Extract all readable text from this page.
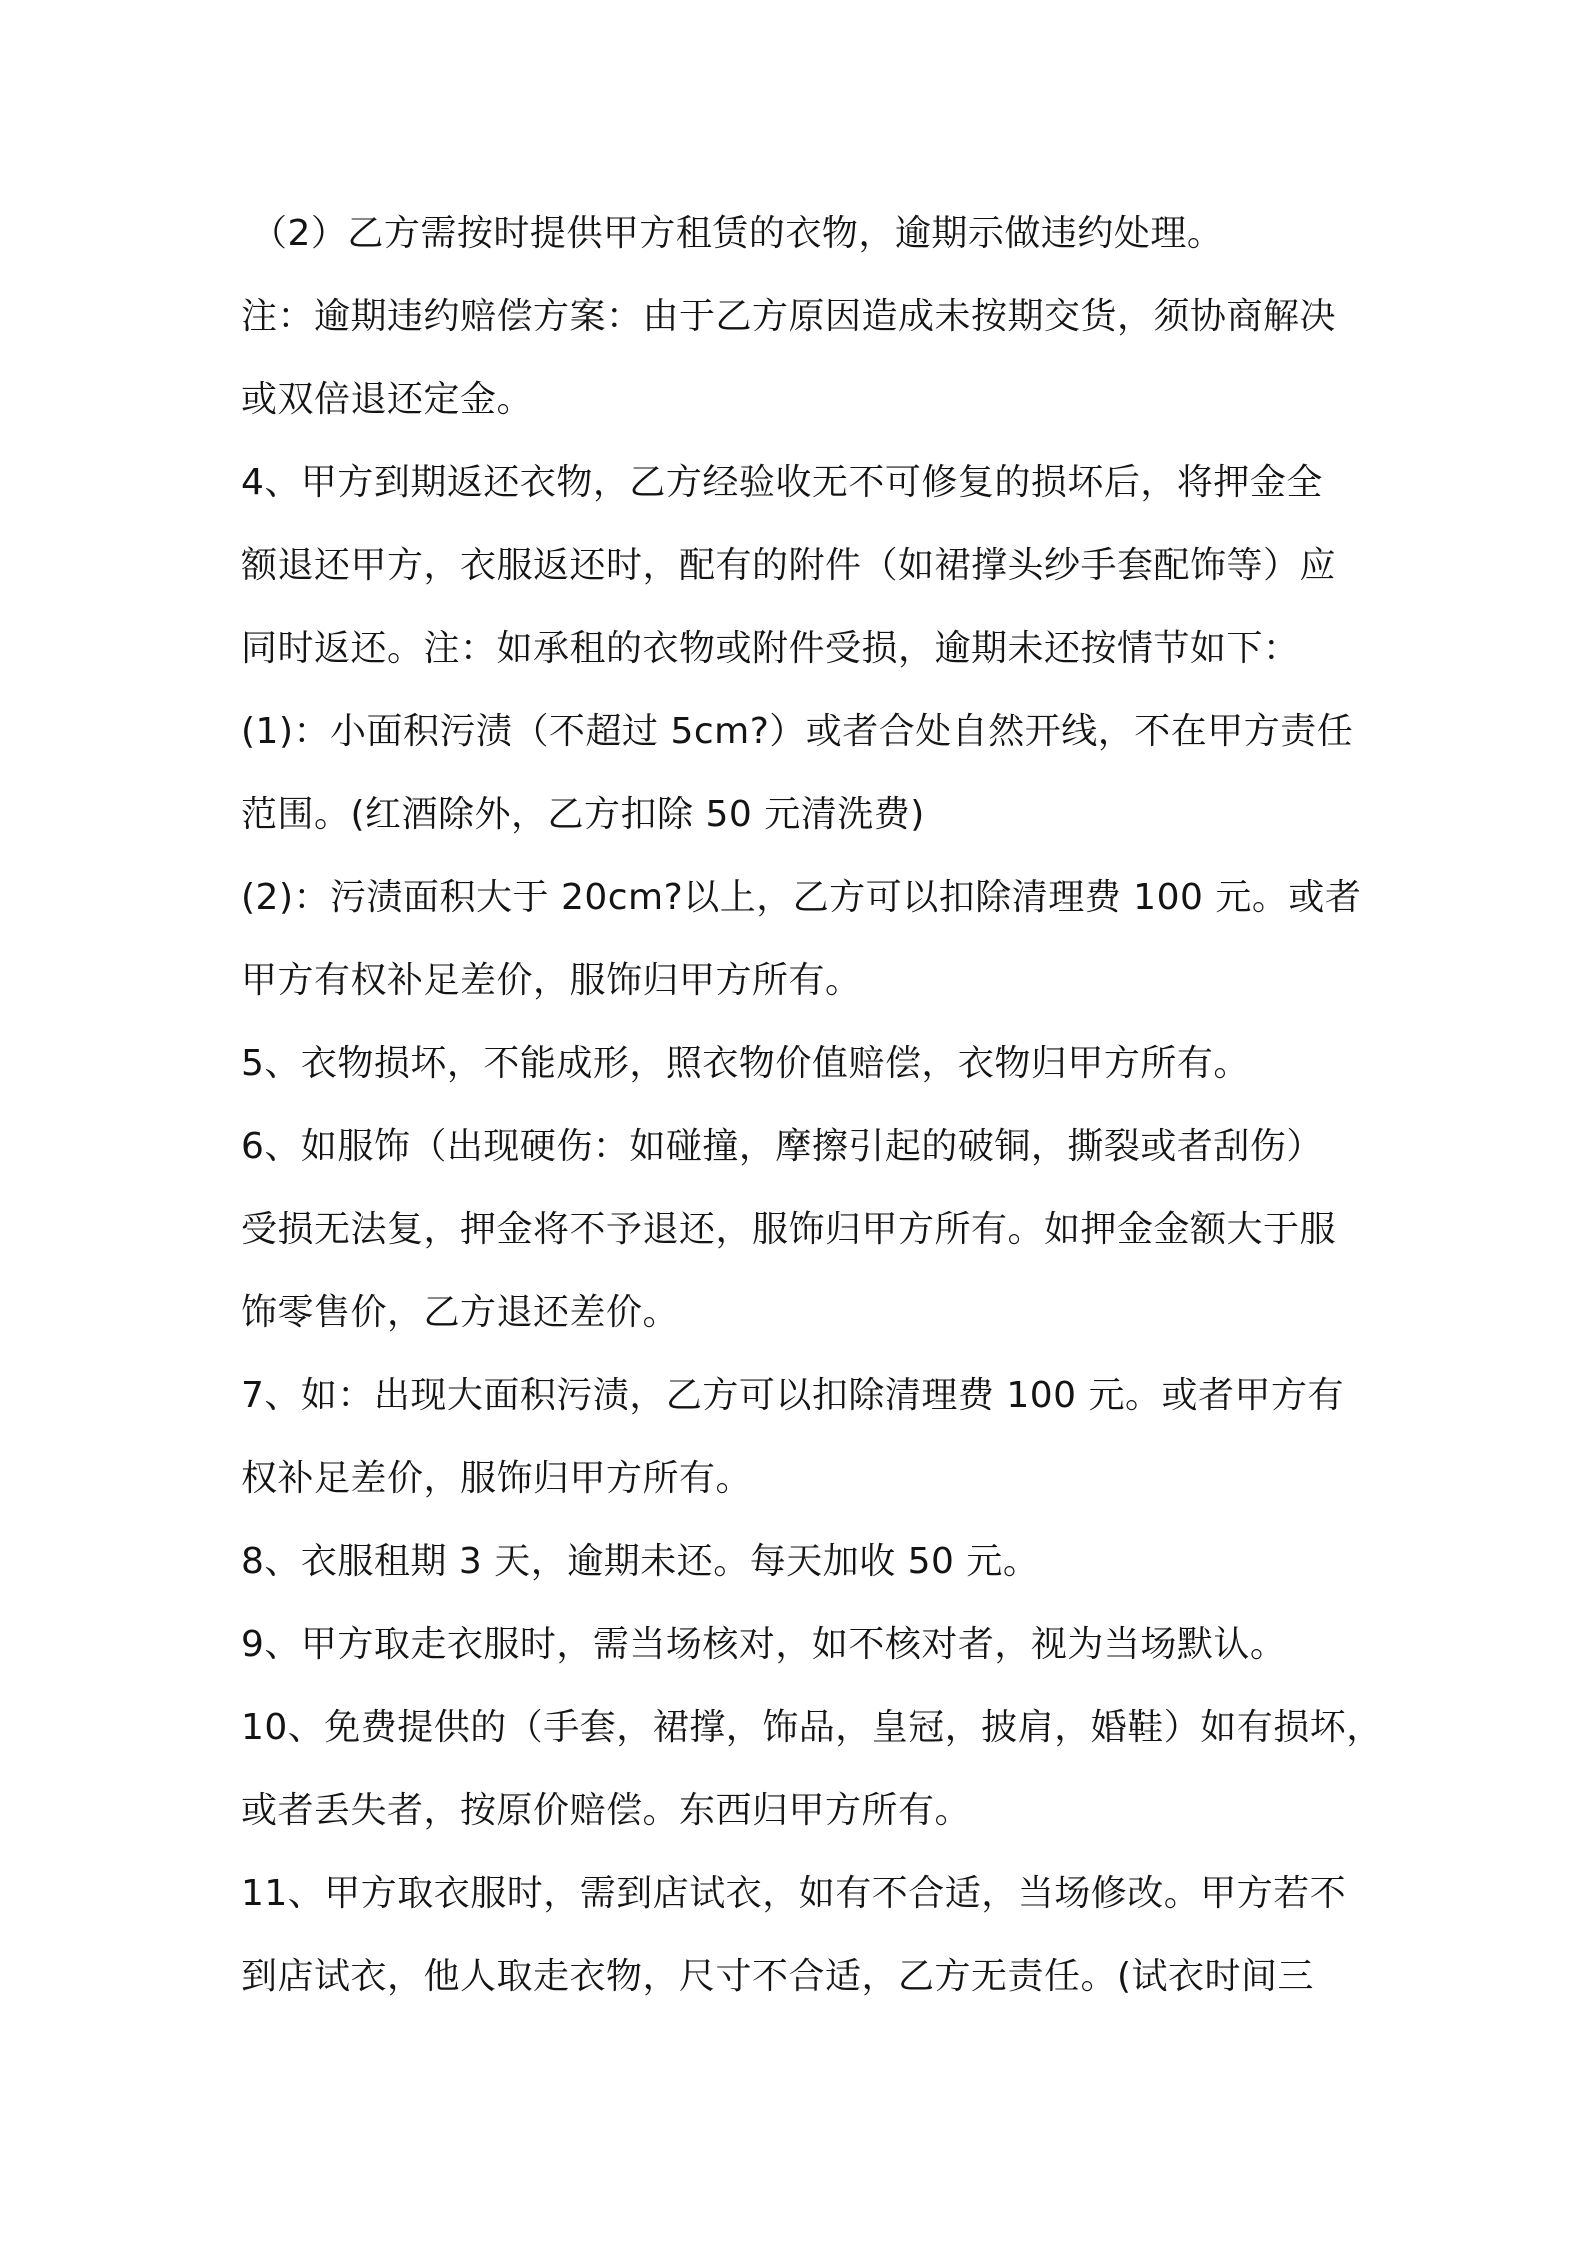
（2）乙方需按时提供甲方租赁的衣物，逾期示做违约处理。
注：逾期违约赔偿方案：由于乙方原因造成未按期交货，须协商解决
或双倍退还定金。
4、甲方到期返还衣物，乙方经验收无不可修复的损坏后，将押金全
额退还甲方，衣服返还时，配有的附件（如裙撑头纱手套配饰等）应
同时返还。注：如承租的衣物或附件受损，逾期未还按情节如下：
(1)：小面积污渍（不超过 5cm?）或者合处自然开线，不在甲方责任
范围。(红酒除外，乙方扣除 50 元清洗费)
(2)：污渍面积大于 20cm?以上，乙方可以扣除清理费 100 元。或者
甲方有权补足差价，服饰归甲方所有。
5、衣物损坏，不能成形，照衣物价值赔偿，衣物归甲方所有。
6、如服饰（出现硬伤：如碰撞，摩擦引起的破铜，撕裂或者刮伤）
受损无法复，押金将不予退还，服饰归甲方所有。如押金金额大于服
饰零售价，乙方退还差价。
7、如：出现大面积污渍，乙方可以扣除清理费 100 元。或者甲方有
权补足差价，服饰归甲方所有。
8、衣服租期 3 天，逾期未还。每天加收 50 元。
9、甲方取走衣服时，需当场核对，如不核对者，视为当场默认。
10、免费提供的（手套，裙撑，饰品，皇冠，披肩，婚鞋）如有损坏，
或者丢失者，按原价赔偿。东西归甲方所有。
11、甲方取衣服时，需到店试衣，如有不合适，当场修改。甲方若不
到店试衣，他人取走衣物，尺寸不合适，乙方无责任。(试衣时间三
